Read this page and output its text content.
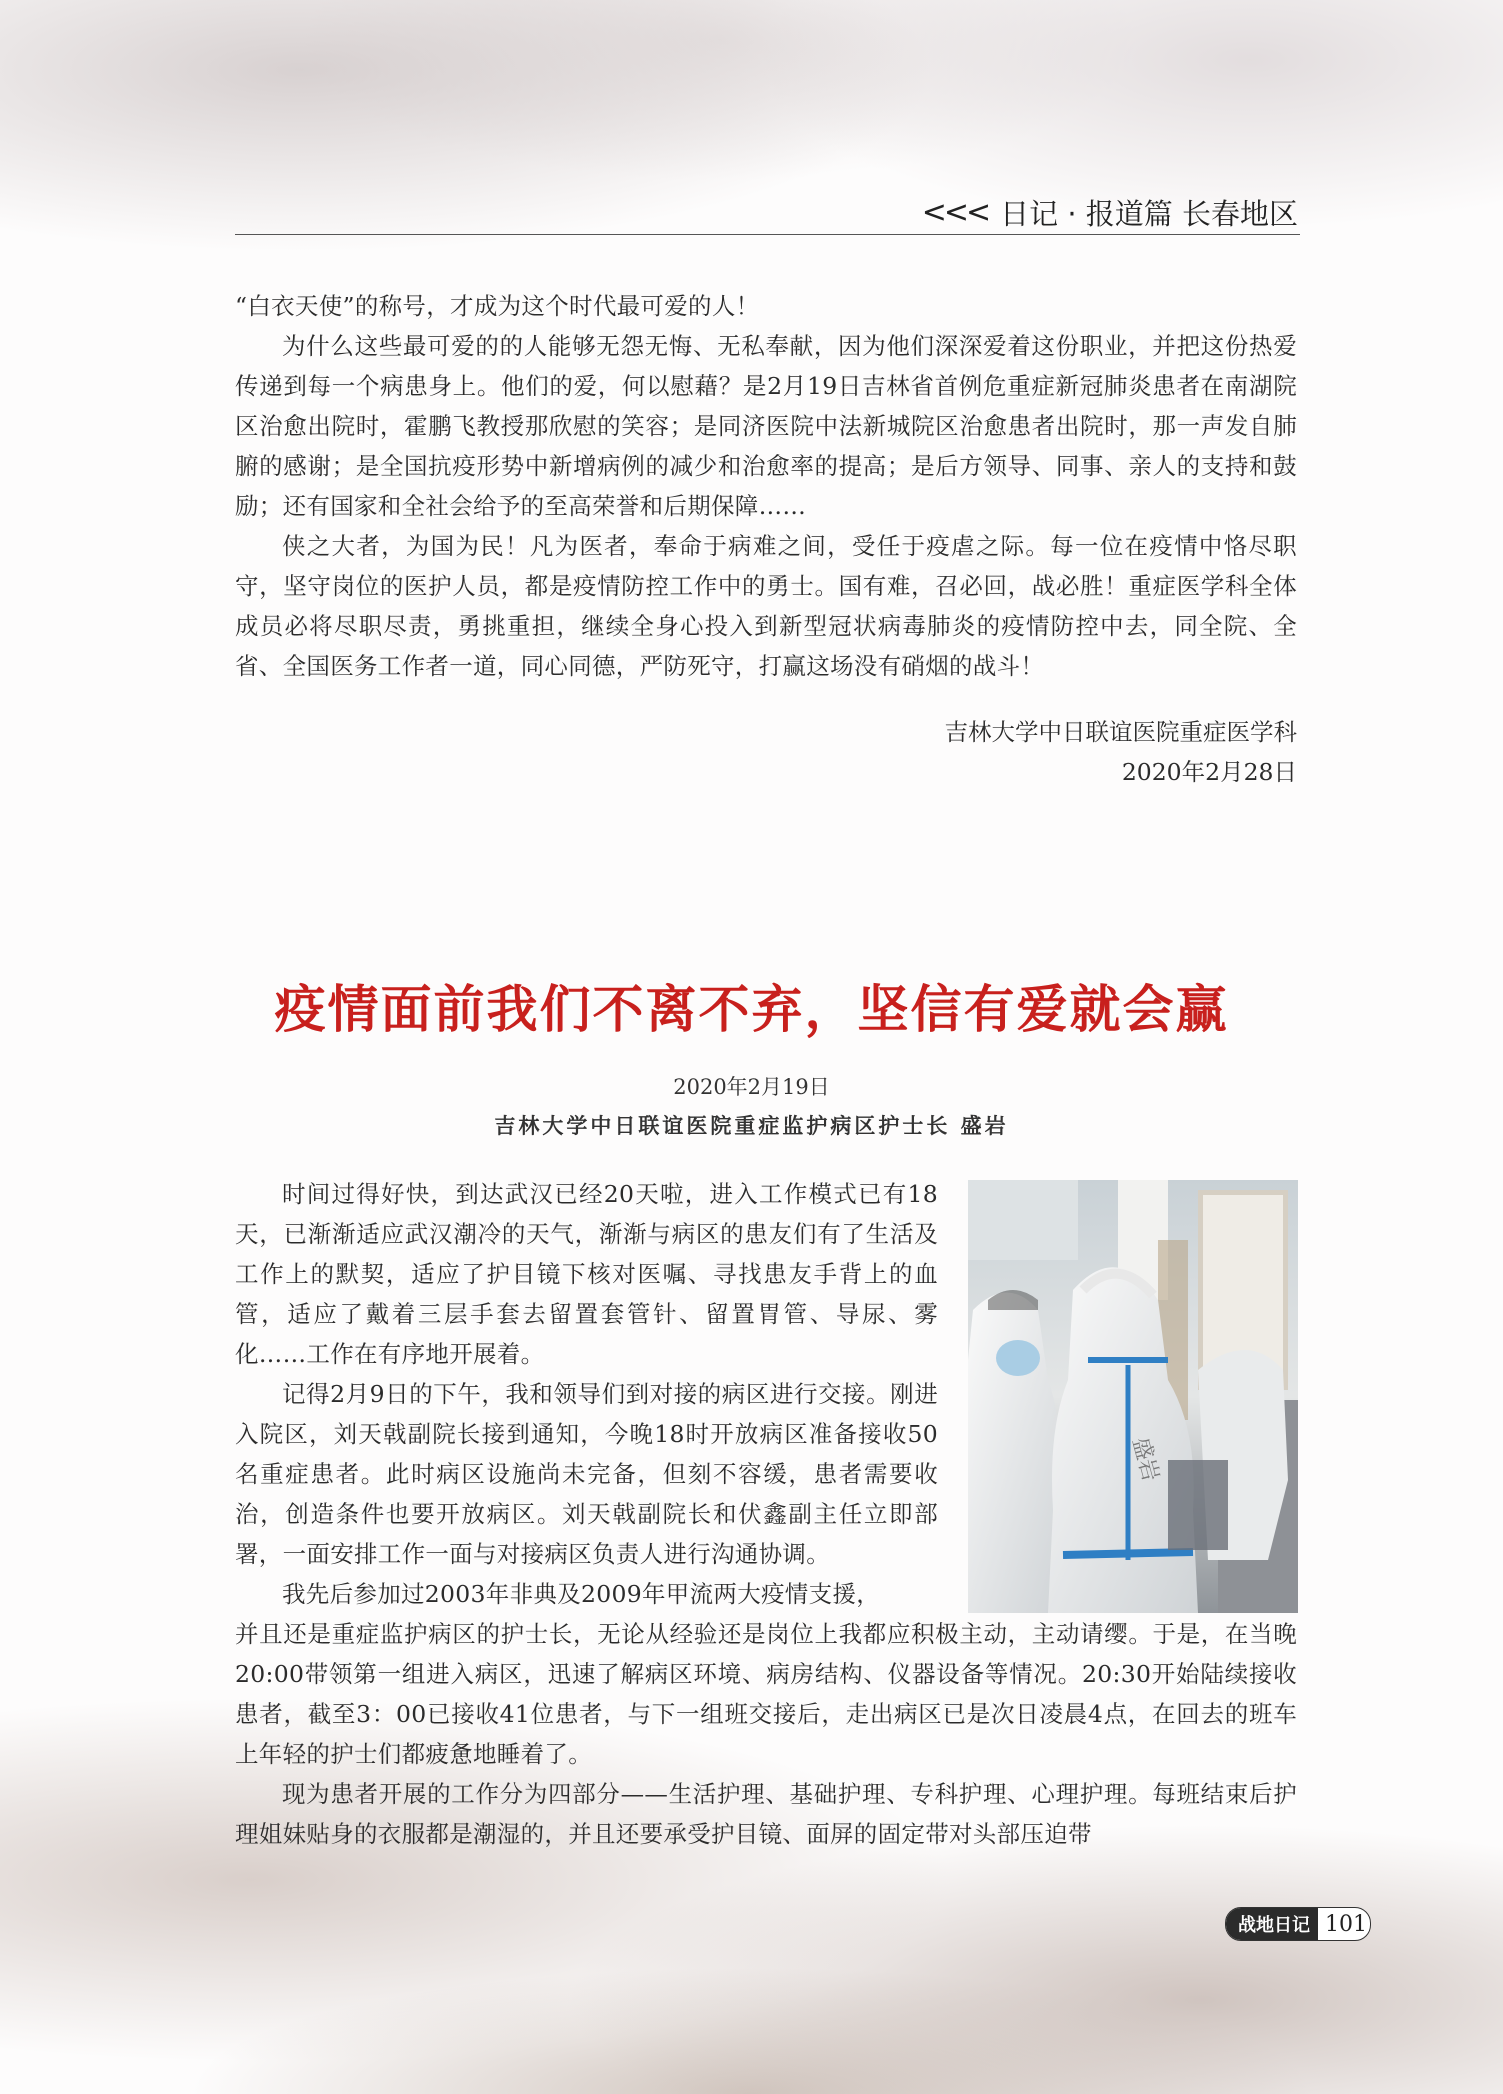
<
<
< 日记 · 报道篇 长春地区

“白衣天使”的称号，才成为这个时代最可爱的人！

为什么这些最可爱的的人能够无怨无悔、无私奉献，因为他们深深爱着这份职业，并把这份热爱传递到每一个病患身上。他们的爱，何以慰藉？是2月19日吉林省首例危重症新冠肺炎患者在南湖院区治愈出院时，霍鹏飞教授那欣慰的笑容；是同济医院中法新城院区治愈患者出院时，那一声发自肺腑的感谢；是全国抗疫形势中新增病例的减少和治愈率的提高；是后方领导、同事、亲人的支持和鼓励；还有国家和全社会给予的至高荣誉和后期保障……

侠之大者，为国为民！凡为医者，奉命于病难之间，受任于疫虐之际。每一位在疫情中恪尽职守，坚守岗位的医护人员，都是疫情防控工作中的勇士。国有难，召必回，战必胜！重症医学科全体成员必将尽职尽责，勇挑重担，继续全身心投入到新型冠状病毒肺炎的疫情防控中去，同全院、全省、全国医务工作者一道，同心同德，严防死守，打赢这场没有硝烟的战斗！

吉林大学中日联谊医院重症医学科
2020年2月28日
疫情面前我们不离不弃，坚信有爱就会赢
2020年2月19日
吉林大学中日联谊医院重症监护病区护士长 盛岩

时间过得好快，到达武汉已经20天啦，进入工作模式已有18天，已渐渐适应武汉潮冷的天气，渐渐与病区的患友们有了生活及工作上的默契，适应了护目镜下核对医嘱、寻找患友手背上的血管，适应了戴着三层手套去留置套管针、留置胃管、导尿、雾化……工作在有序地开展着。

记得2月9日的下午，我和领导们到对接的病区进行交接。刚进入院区，刘天戟副院长接到通知，今晚18时开放病区准备接收50名重症患者。此时病区设施尚未完备，但刻不容缓，患者需要收治，创造条件也要开放病区。刘天戟副院长和伏鑫副主任立即部署，一面安排工作一面与对接病区负责人进行沟通协调。

我先后参加过2003年非典及2009年甲流两大疫情支援，

盛岩

并且还是重症监护病区的护士长，无论从经验还是岗位上我都应积极主动，主动请缨。于是，在当晚20:00带领第一组进入病区，迅速了解病区环境、病房结构、仪器设备等情况。20:30开始陆续接收患者，截至3：00已接收41位患者，与下一组班交接后，走出病区已是次日凌晨4点，在回去的班车上年轻的护士们都疲惫地睡着了。

现为患者开展的工作分为四部分——生活护理、基础护理、专科护理、心理护理。每班结束后护理姐妹贴身的衣服都是潮湿的，并且还要承受护目镜、面屏的固定带对头部压迫带

战地日记 101
